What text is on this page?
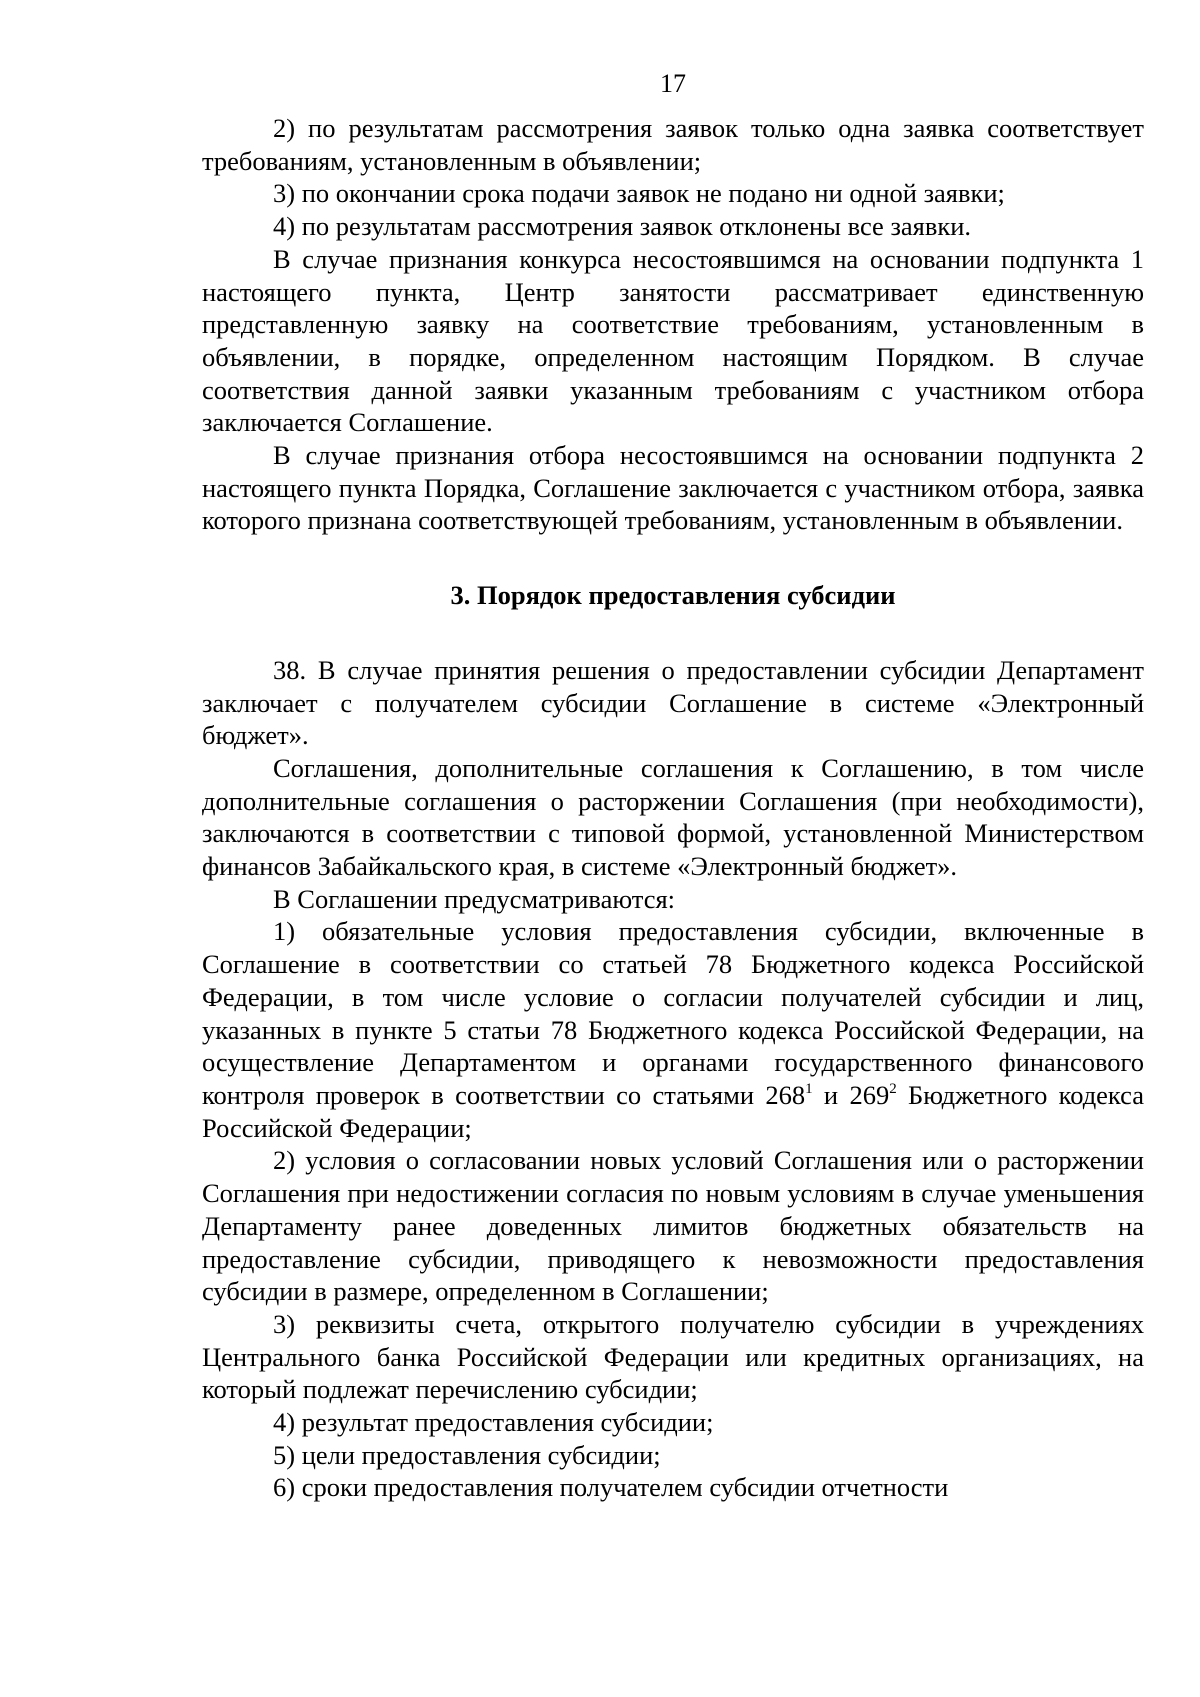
17

2) по результатам рассмотрения заявок только одна заявка соответствует требованиям, установленным в объявлении;

3) по окончании срока подачи заявок не подано ни одной заявки;

4) по результатам рассмотрения заявок отклонены все заявки.

В случае признания конкурса несостоявшимся на основании подпункта 1 настоящего пункта, Центр занятости рассматривает единственную представленную заявку на соответствие требованиям, установленным в объявлении, в порядке, определенном настоящим Порядком. В случае соответствия данной заявки указанным требованиям с участником отбора заключается Соглашение.

В случае признания отбора несостоявшимся на основании подпункта 2 настоящего пункта Порядка, Соглашение заключается с участником отбора, заявка которого признана соответствующей требованиям, установленным в объявлении.

3. Порядок предоставления субсидии

38. В случае принятия решения о предоставлении субсидии Департамент заключает с получателем субсидии Соглашение в системе «Электронный бюджет».

Соглашения, дополнительные соглашения к Соглашению, в том числе дополнительные соглашения о расторжении Соглашения (при необходимости), заключаются в соответствии с типовой формой, установленной Министерством финансов Забайкальского края, в системе «Электронный бюджет».

В Соглашении предусматриваются:

1) обязательные условия предоставления субсидии, включенные в Соглашение в соответствии со статьей 78 Бюджетного кодекса Российской Федерации, в том числе условие о согласии получателей субсидии и лиц, указанных в пункте 5 статьи 78 Бюджетного кодекса Российской Федерации, на осуществление Департаментом и органами государственного финансового контроля проверок в соответствии со статьями $268^1$ и $269^2$ Бюджетного кодекса Российской Федерации;

2) условия о согласовании новых условий Соглашения или о расторжении Соглашения при недостижении согласия по новым условиям в случае уменьшения Департаменту ранее доведенных лимитов бюджетных обязательств на предоставление субсидии, приводящего к невозможности предоставления субсидии в размере, определенном в Соглашении;

3) реквизиты счета, открытого получателю субсидии в учреждениях Центрального банка Российской Федерации или кредитных организациях, на который подлежат перечислению субсидии;

4) результат предоставления субсидии;

5) цели предоставления субсидии;

6) сроки предоставления получателем субсидии отчетности
